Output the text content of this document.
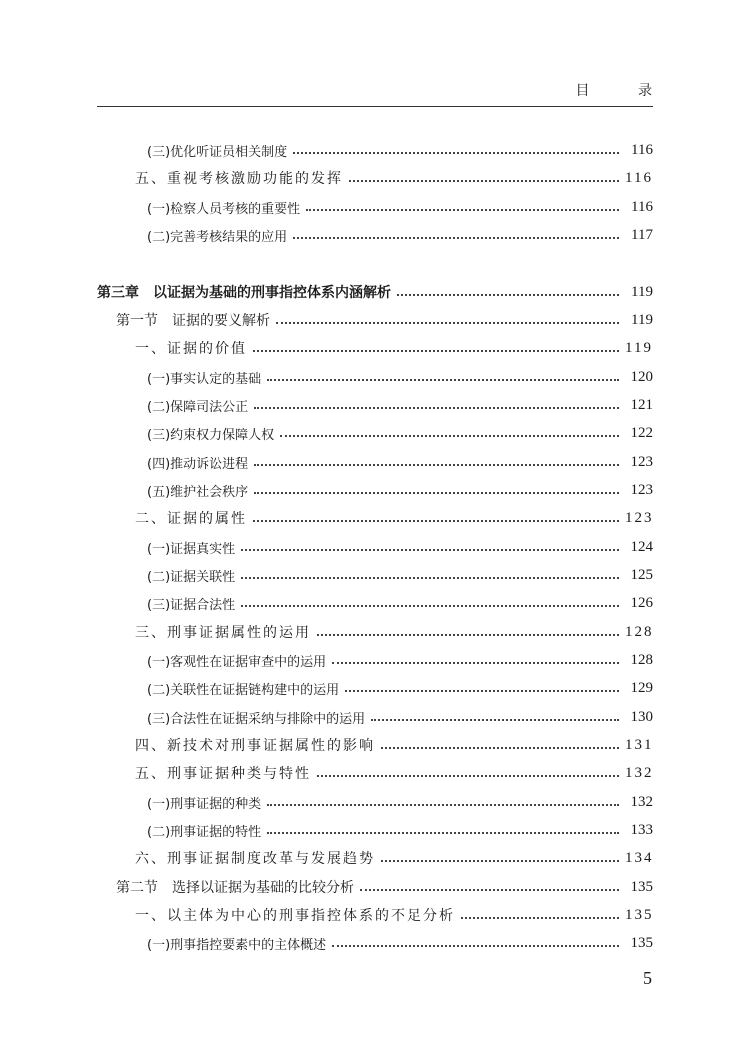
目 录
(三)优化听证员相关制度	116
五、重视考核激励功能的发挥	116
(一)检察人员考核的重要性	116
(二)完善考核结果的应用	117
第三章　以证据为基础的刑事指控体系内涵解析	119
第一节　证据的要义解析	119
一、证据的价值	119
(一)事实认定的基础	120
(二)保障司法公正	121
(三)约束权力保障人权	122
(四)推动诉讼进程	123
(五)维护社会秩序	123
二、证据的属性	123
(一)证据真实性	124
(二)证据关联性	125
(三)证据合法性	126
三、刑事证据属性的运用	128
(一)客观性在证据审查中的运用	128
(二)关联性在证据链构建中的运用	129
(三)合法性在证据采纳与排除中的运用	130
四、新技术对刑事证据属性的影响	131
五、刑事证据种类与特性	132
(一)刑事证据的种类	132
(二)刑事证据的特性	133
六、刑事证据制度改革与发展趋势	134
第二节　选择以证据为基础的比较分析	135
一、以主体为中心的刑事指控体系的不足分析	135
(一)刑事指控要素中的主体概述	135
5
